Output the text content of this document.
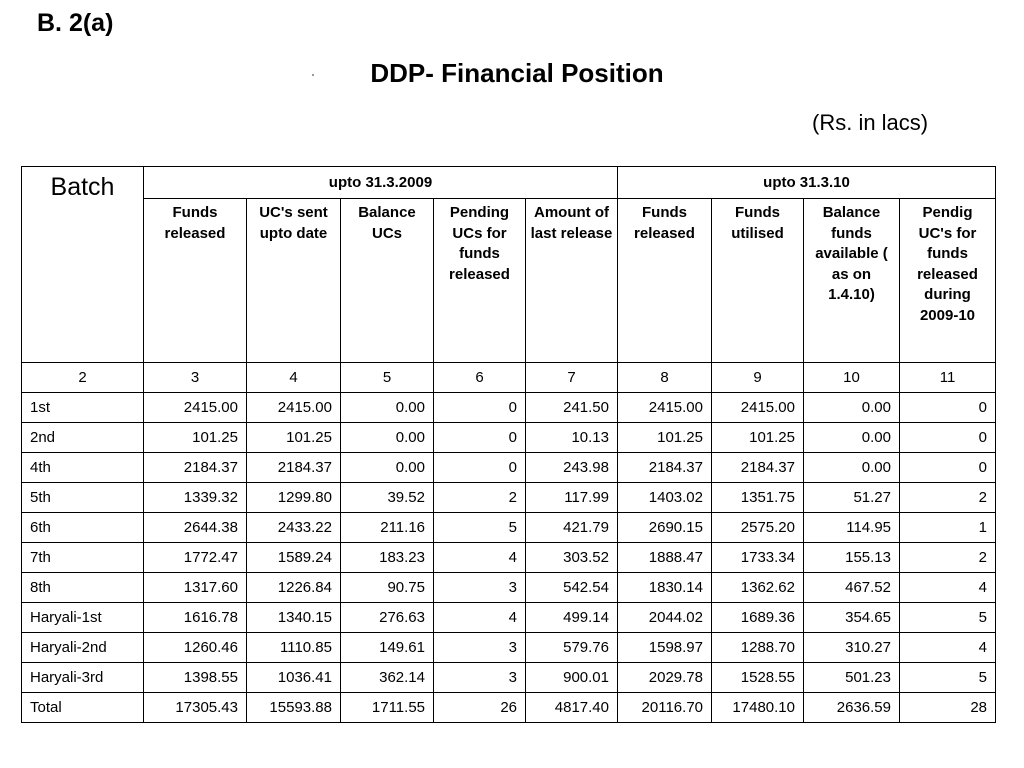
B. 2(a)
DDP- Financial Position
(Rs. in lacs)
Batch	upto 31.3.2009					upto 31.3.10			
	Funds released	UC's sent upto date	Balance UCs	Pending UCs for funds released	Amount of last release	Funds released	Funds utilised	Balance funds available ( as on 1.4.10)	Pendig UC's for funds released during 2009-10
2	3	4	5	6	7	8	9	10	11
1st	2415.00	2415.00	0.00	0	241.50	2415.00	2415.00	0.00	0
2nd	101.25	101.25	0.00	0	10.13	101.25	101.25	0.00	0
4th	2184.37	2184.37	0.00	0	243.98	2184.37	2184.37	0.00	0
5th	1339.32	1299.80	39.52	2	117.99	1403.02	1351.75	51.27	2
6th	2644.38	2433.22	211.16	5	421.79	2690.15	2575.20	114.95	1
7th	1772.47	1589.24	183.23	4	303.52	1888.47	1733.34	155.13	2
8th	1317.60	1226.84	90.75	3	542.54	1830.14	1362.62	467.52	4
Haryali-1st	1616.78	1340.15	276.63	4	499.14	2044.02	1689.36	354.65	5
Haryali-2nd	1260.46	1110.85	149.61	3	579.76	1598.97	1288.70	310.27	4
Haryali-3rd	1398.55	1036.41	362.14	3	900.01	2029.78	1528.55	501.23	5
Total	17305.43	15593.88	1711.55	26	4817.40	20116.70	17480.10	2636.59	28
